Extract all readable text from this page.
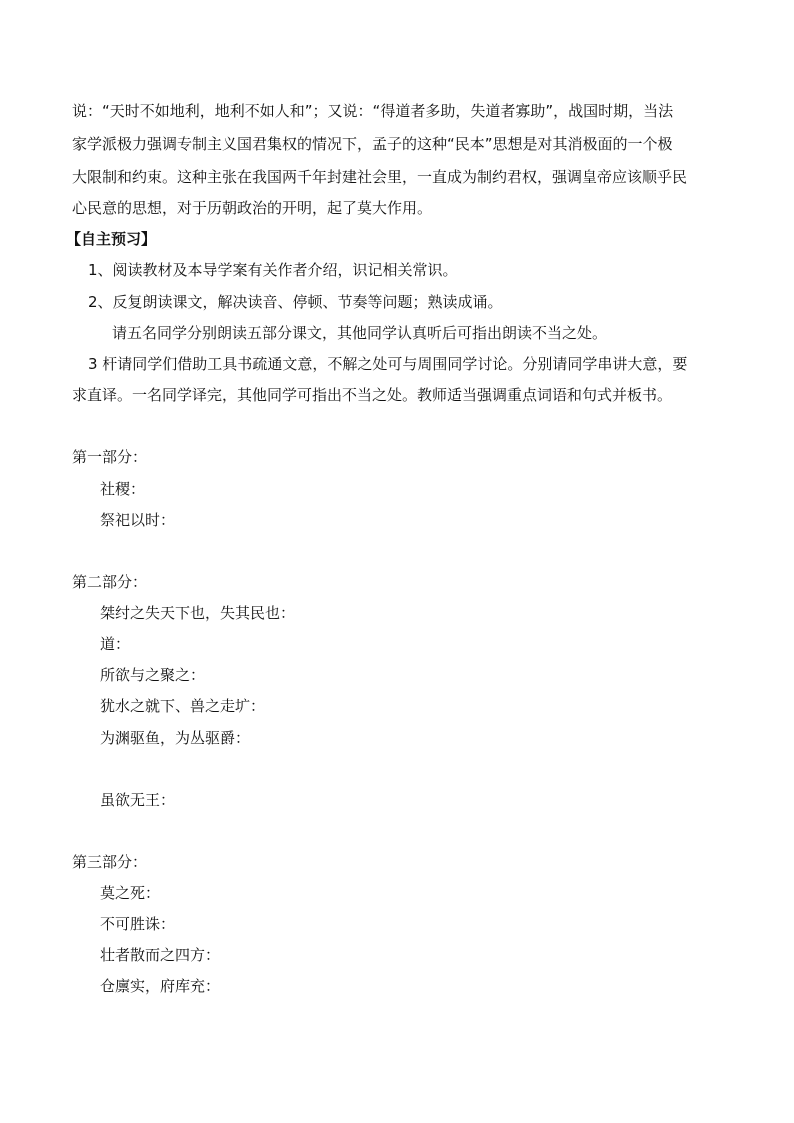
说：“天时不如地利，地利不如人和”；又说：“得道者多助，失道者寡助”，战国时期，当法
家学派极力强调专制主义国君集权的情况下，孟子的这种“民本”思想是对其消极面的一个极
大限制和约束。这种主张在我国两千年封建社会里，一直成为制约君权，强调皇帝应该顺乎民
心民意的思想，对于历朝政治的开明，起了莫大作用。
【自主预习】
1、阅读教材及本导学案有关作者介绍，识记相关常识。
2、反复朗读课文，解决读音、停顿、节奏等问题；熟读成诵。
请五名同学分别朗读五部分课文，其他同学认真听后可指出朗读不当之处。
3 杆请同学们借助工具书疏通文意，不解之处可与周围同学讨论。分别请同学串讲大意，要
求直译。一名同学译完，其他同学可指出不当之处。教师适当强调重点词语和句式并板书。
第一部分：
社稷：
祭祀以时：
第二部分：
桀纣之失天下也，失其民也：
道：
所欲与之聚之：
犹水之就下、兽之走圹：
为渊驱鱼，为丛驱爵：
虽欲无王：
第三部分：
莫之死：
不可胜诛：
壮者散而之四方：
仓廪实，府库充：
